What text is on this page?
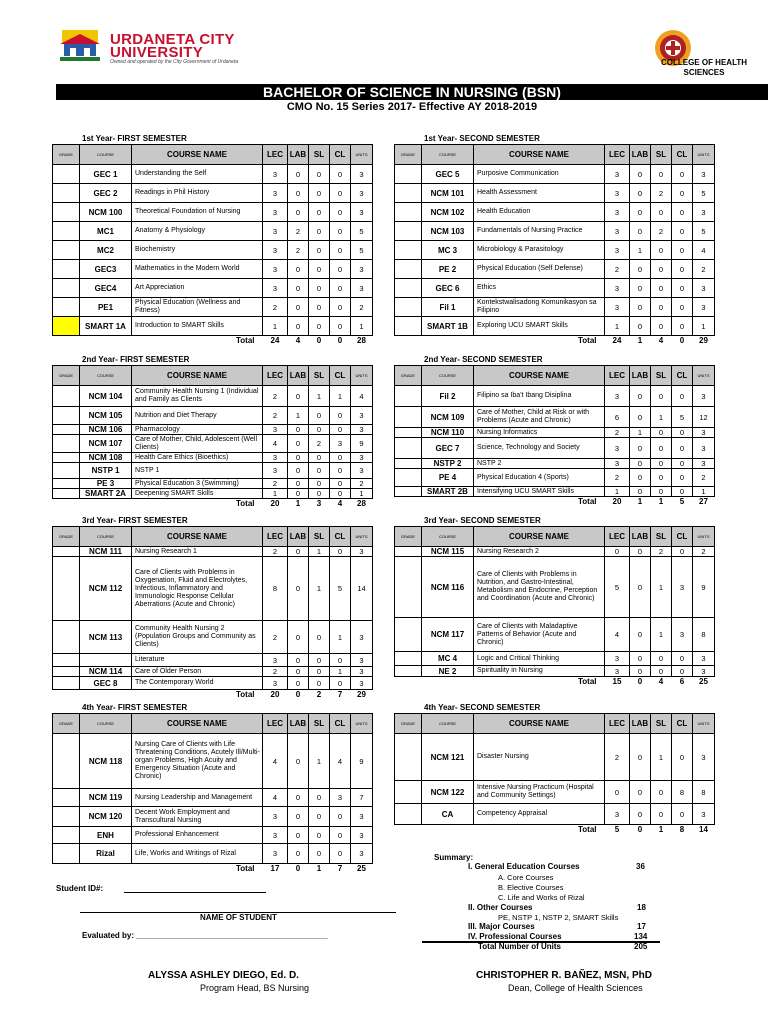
URDANETA CITY
UNIVERSITY
Owned and operated by the City Government of Urdaneta	COLLEGE OF HEALTH
SCIENCES
BACHELOR OF SCIENCE IN NURSING (BSN)
CMO No. 15 Series 2017- Effective AY 2018-2019
1st Year- FIRST SEMESTER	1st Year- SECOND SEMESTER
2nd Year- FIRST SEMESTER	2nd Year- SECOND SEMESTER
3rd Year- FIRST SEMESTER	3rd Year- SECOND SEMESTER
4th Year- FIRST SEMESTER	4th Year- SECOND SEMESTER
GRADE	COURSE	COURSE NAME	LEC	LAB	SL	CL	UNITS
	GEC 1	Understanding the Self	3	0	0	0	3
	GEC 2	Readings in Phil History	3	0	0	0	3
	NCM 100	Theoretical Foundation of Nursing	3	0	0	0	3
	MC1	Anatomy & Physiology	3	2	0	0	5
	MC2	Biochemistry	3	2	0	0	5
	GEC3	Mathematics in the Modern World	3	0	0	0	3
	GEC4	Art Appreciation	3	0	0	0	3
	PE1	Physical Education (Wellness and Fitness)	2	0	0	0	2
	SMART 1A	Introduction to SMART Skills	1	0	0	0	1
Total			24	4	0	0	28
GRADE	COURSE	COURSE NAME	LEC	LAB	SL	CL	UNITS
	GEC 5	Purposive Communication	3	0	0	0	3
	NCM 101	Health Assessment	3	0	2	0	5
	NCM 102	Health Education	3	0	0	0	3
	NCM 103	Fundamentals of Nursing Practice	3	0	2	0	5
	MC 3	Microbiology & Parasitology	3	1	0	0	4
	PE 2	Physical Education (Self Defense)	2	0	0	0	2
	GEC 6	Ethics	3	0	0	0	3
	Fil 1	Kontekstwalisadong Komunikasyon sa Filipino	3	0	0	0	3
	SMART 1B	Exploring UCU SMART Skills	1	0	0	0	1
Total			24	1	4	0	29
GRADE	COURSE	COURSE NAME	LEC	LAB	SL	CL	UNITS
	NCM 104	Community Health Nursing 1 (Individual and Family as Clients	2	0	1	1	4
	NCM 105	Nutrition and Diet Therapy	2	1	0	0	3
	NCM 106	Pharmacology	3	0	0	0	3
	NCM 107	Care of Mother, Child, Adolescent (Well Clients)	4	0	2	3	9
	NCM 108	Health Care Ethics (Bioethics)	3	0	0	0	3
	NSTP 1	NSTP 1	3	0	0	0	3
	PE 3	Physical Education 3 (Swimming)	2	0	0	0	2
	SMART 2A	Deepening SMART Skills	1	0	0	0	1
Total			20	1	3	4	28
GRADE	COURSE	COURSE NAME	LEC	LAB	SL	CL	UNITS
	Fil 2	Filipino sa Iba't Ibang Disiplina	3	0	0	0	3
	NCM 109	Care of Mother, Child at Risk or with Problems (Acute and Chronic)	6	0	1	5	12
	NCM 110	Nursing Informatics	2	1	0	0	3
	GEC 7	Science, Technology and Society	3	0	0	0	3
	NSTP 2	NSTP 2	3	0	0	0	3
	PE 4	Physical Education 4 (Sports)	2	0	0	0	2
	SMART 2B	Intensifying UCU SMART Skills	1	0	0	0	1
Total			20	1	1	5	27
GRADE	COURSE	COURSE NAME	LEC	LAB	SL	CL	UNITS
	NCM 111	Nursing Research 1	2	0	1	0	3
	NCM 112	Care of Clients with Problems in Oxygenation, Fluid and Electrolytes, Infectious, Inflammatory and Immunologic Response Cellular Aberrations (Acute and Chronic)	8	0	1	5	14
	NCM 113	Community Health Nursing 2 (Population Groups and Community as Clients)	2	0	0	1	3
		Literature	3	0	0	0	3
	NCM 114	Care of Older Person	2	0	0	1	3
	GEC 8	The Contemporary World	3	0	0	0	3
Total			20	0	2	7	29
GRADE	COURSE	COURSE NAME	LEC	LAB	SL	CL	UNITS
	NCM 115	Nursing Research 2	0	0	2	0	2
	NCM 116	Care of Clients with Problems in Nutrition, and Gastro-Intestinal, Metabolism and Endocrine, Perception and Coordination (Acute and Chronic)	5	0	1	3	9
	NCM 117	Care of Clients with Maladaptive Patterns of Behavior (Acute and Chronic)	4	0	1	3	8
	MC 4	Logic and Critical Thinking	3	0	0	0	3
	NE 2	Spirituality in Nursing	3	0	0	0	3
Total			15	0	4	6	25
GRADE	COURSE	COURSE NAME	LEC	LAB	SL	CL	UNITS
	NCM 118	Nursing Care of Clients with Life Threatening Conditions, Acutely Ill/Multi-organ Problems, High Acuity and Emergency Situation (Acute and Chronic)	4	0	1	4	9
	NCM 119	Nursing Leadership and Management	4	0	0	3	7
	NCM 120	Decent Work Employment and Transcultural Nursing	3	0	0	0	3
	ENH	Professional Enhancement	3	0	0	0	3
	Rizal	Life, Works and Writings of Rizal	3	0	0	0	3
Total			17	0	1	7	25
GRADE	COURSE	COURSE NAME	LEC	LAB	SL	CL	UNITS
	NCM 121	Disaster Nursing	2	0	1	0	3
	NCM 122	Intensive Nursing Practicum (Hospital and Community Settings)	0	0	0	8	8
	CA	Competency Appraisal	3	0	0	0	3
Total			5	0	1	8	14
Summary:
I. General Education Courses	36
A. Core Courses
B. Elective Courses
C. Life and Works of Rizal
II. Other Courses	18
PE, NSTP 1, NSTP 2, SMART Skills
III. Major Courses	17
IV. Professional Courses	134
Total Number of Units	205
Student ID#:
NAME OF STUDENT
Evaluated by: ___________________________________________
ALYSSA ASHLEY DIEGO, Ed. D.
Program Head, BS Nursing
CHRISTOPHER R. BAÑEZ, MSN, PhD
Dean, College of Health Sciences
